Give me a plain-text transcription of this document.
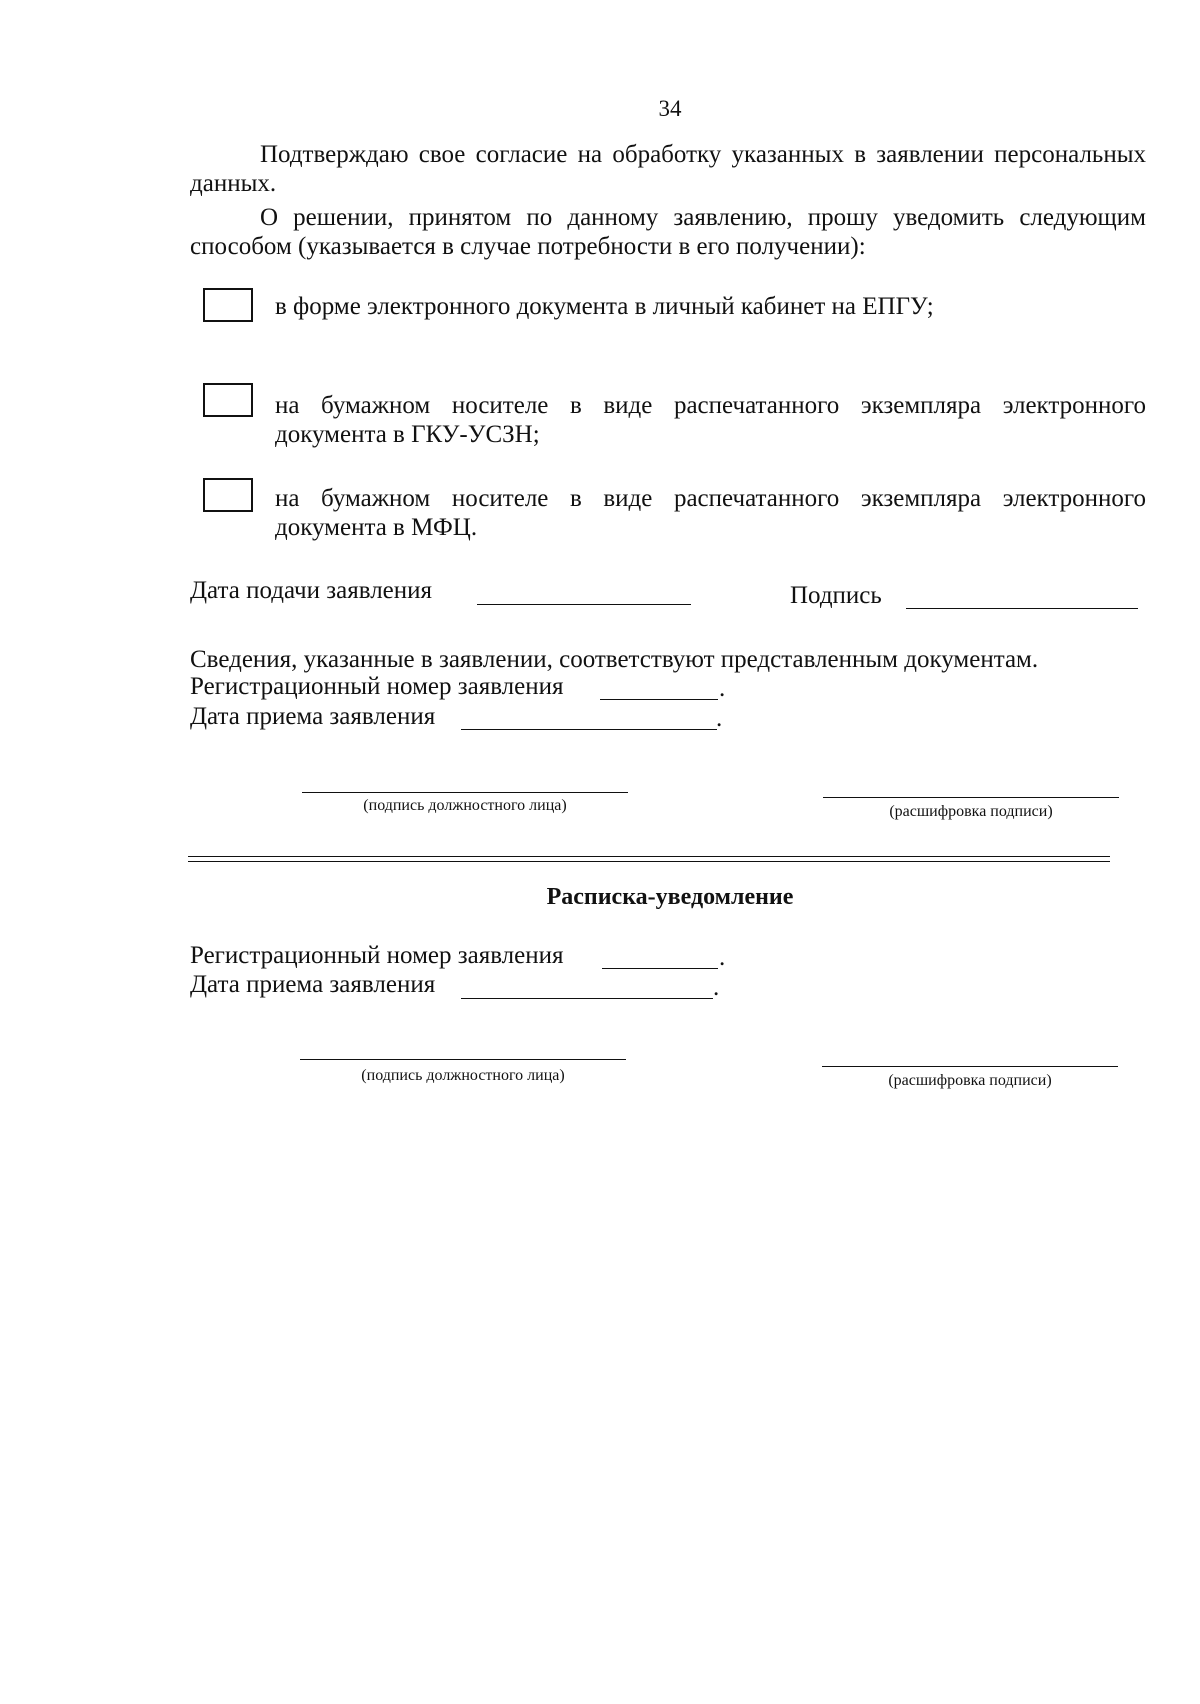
34

Подтверждаю свое согласие на обработку указанных в заявлении персональных данных.

О решении, принятом по данному заявлению, прошу уведомить следующим способом (указывается в случае потребности в его получении):

в форме электронного документа в личный кабинет на ЕПГУ;
на бумажном носителе в виде распечатанного экземпляра электронного документа в ГКУ-УСЗН;
на бумажном носителе в виде распечатанного экземпляра электронного документа в МФЦ.
Дата подачи заявления	Подпись
Сведения, указанные в заявлении, соответствуют представленным документам.
Регистрационный номер заявления	.
Дата приема заявления	.
(подпись должностного лица)	(расшифровка подписи)
Расписка-уведомление
Регистрационный номер заявления	.
Дата приема заявления	.
(подпись должностного лица)	(расшифровка подписи)
